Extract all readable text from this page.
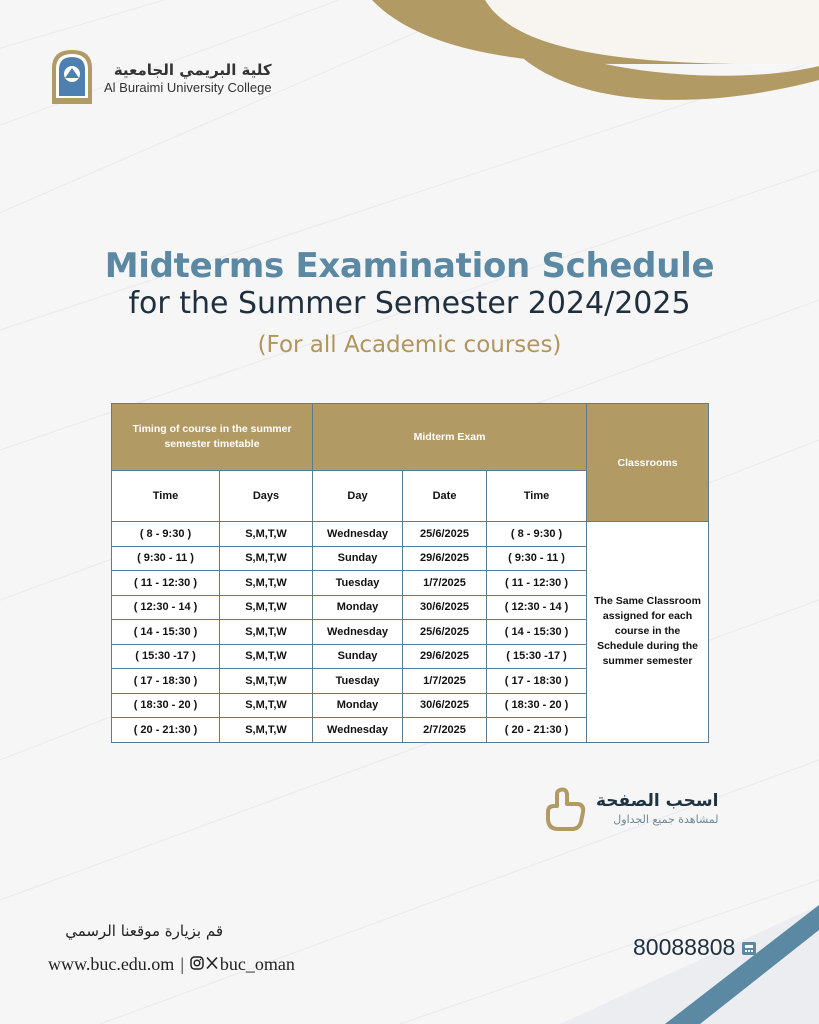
كلية البريمي الجامعية
Al Buraimi University College
Midterms Examination Schedule
for the Summer Semester 2024/2025
(For all Academic courses)
Timing of course in the summer semester timetable		Midterm Exam			Classrooms
Time	Days	Day	Date	Time	
( 8 - 9:30 )	S,M,T,W	Wednesday	25/6/2025	( 8 - 9:30 )	The Same Classroom assigned for each course in the Schedule during the summer semester
( 9:30 - 11 )	S,M,T,W	Sunday	29/6/2025	( 9:30 - 11 )	
( 11 - 12:30 )	S,M,T,W	Tuesday	1/7/2025	( 11 - 12:30 )	
( 12:30 - 14 )	S,M,T,W	Monday	30/6/2025	( 12:30 - 14 )	
( 14 - 15:30 )	S,M,T,W	Wednesday	25/6/2025	( 14 - 15:30 )	
( 15:30 -17 )	S,M,T,W	Sunday	29/6/2025	( 15:30 -17 )	
( 17 - 18:30 )	S,M,T,W	Tuesday	1/7/2025	( 17 - 18:30 )	
( 18:30 - 20 )	S,M,T,W	Monday	30/6/2025	( 18:30 - 20 )	
( 20 - 21:30 )	S,M,T,W	Wednesday	2/7/2025	( 20 - 21:30 )	
اسحب الصفحة
لمشاهدة جميع الجداول
قم بزيارة موقعنا الرسمي
www.buc.edu.om | buc_oman
80088808
